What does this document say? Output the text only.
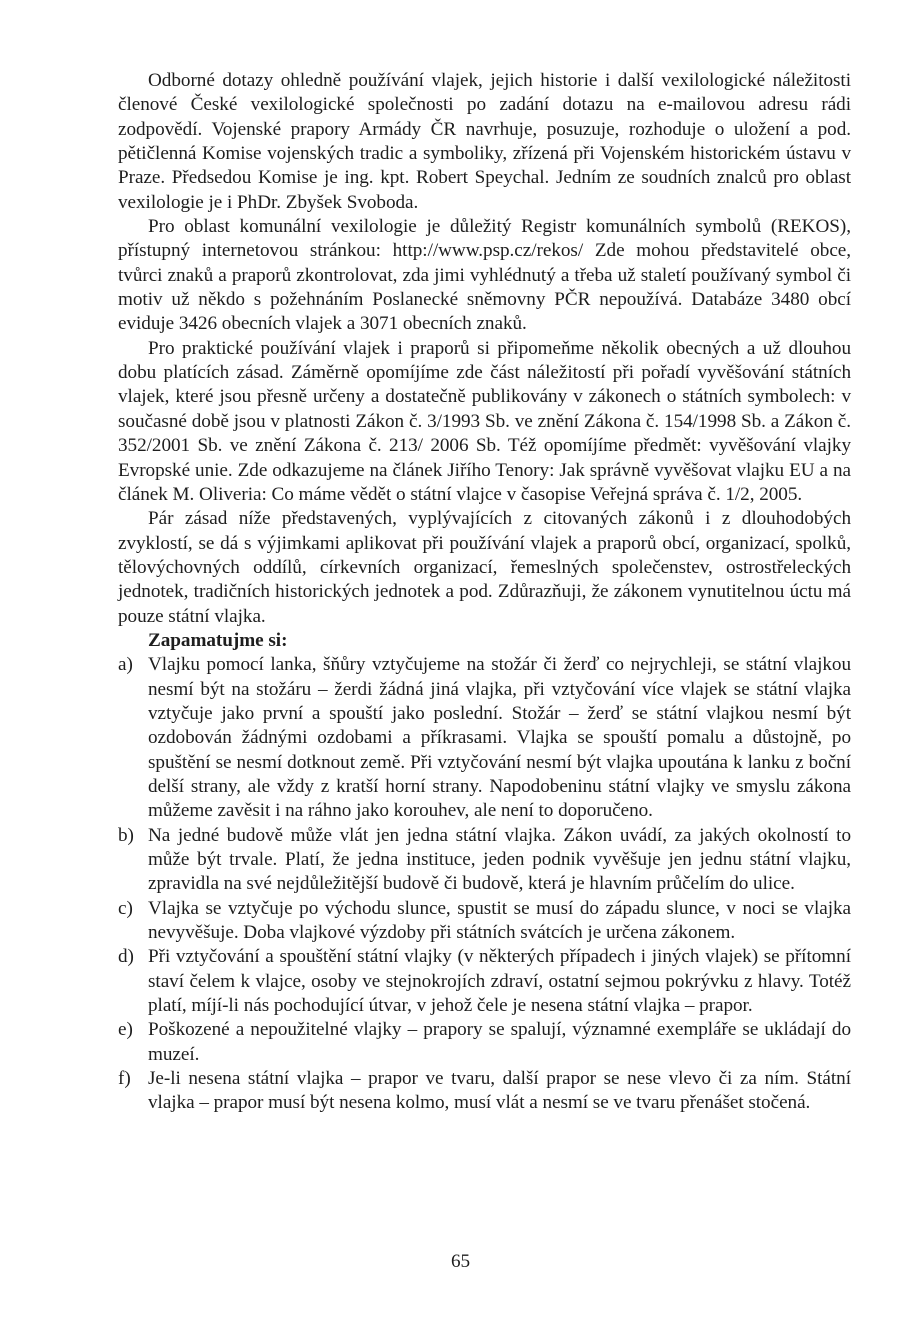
Odborné dotazy ohledně používání vlajek, jejich historie i další vexilologické náležitosti členové České vexilologické společnosti po zadání dotazu na e-mailovou adresu rádi zodpovědí. Vojenské prapory Armády ČR navrhuje, posuzuje, rozhoduje o uložení a pod. pětičlenná Komise vojenských tradic a symboliky, zřízená při Vojenském historickém ústavu v Praze. Předsedou Komise je ing. kpt. Robert Speychal. Jedním ze soudních znalců pro oblast vexilologie je i PhDr. Zbyšek Svoboda.

Pro oblast komunální vexilologie je důležitý Registr komunálních symbolů (REKOS), přístupný internetovou stránkou: http://www.psp.cz/rekos/ Zde mohou představitelé obce, tvůrci znaků a praporů zkontrolovat, zda jimi vyhlédnutý a třeba už staletí používaný symbol či motiv už někdo s požehnáním Poslanecké sněmovny PČR nepoužívá. Databáze 3480 obcí eviduje 3426 obecních vlajek a 3071 obecních znaků.

Pro praktické používání vlajek i praporů si připomeňme několik obecných a už dlouhou dobu platících zásad. Záměrně opomíjíme zde část náležitostí při pořadí vyvěšování státních vlajek, které jsou přesně určeny a dostatečně publikovány v zákonech o státních symbolech: v současné době jsou v platnosti Zákon č. 3/1993 Sb. ve znění Zákona č. 154/1998 Sb. a Zákon č. 352/2001 Sb. ve znění Zákona č. 213/ 2006 Sb. Též opomíjíme předmět: vyvěšování vlajky Evropské unie. Zde odkazujeme na článek Jiřího Tenory: Jak správně vyvěšovat vlajku EU a na článek M. Oliveria: Co máme vědět o státní vlajce v časopise Veřejná správa č. 1/2, 2005.

Pár zásad níže představených, vyplývajících z citovaných zákonů i z dlouhodobých zvyklostí, se dá s výjimkami aplikovat při používání vlajek a praporů obcí, organizací, spolků, tělovýchovných oddílů, církevních organizací, řemeslných společenstev, ostrostřeleckých jednotek, tradičních historických jednotek a pod. Zdůrazňuji, že zákonem vynutitelnou úctu má pouze státní vlajka.

Zapamatujme si:

a) Vlajku pomocí lanka, šňůry vztyčujeme na stožár či žerď co nejrychleji, se státní vlajkou nesmí být na stožáru – žerdi žádná jiná vlajka, při vztyčování více vlajek se státní vlajka vztyčuje jako první a spouští jako poslední. Stožár – žerď se státní vlajkou nesmí být ozdobován žádnými ozdobami a příkrasami. Vlajka se spouští pomalu a důstojně, po spuštění se nesmí dotknout země. Při vztyčování nesmí být vlajka upoutána k lanku z boční delší strany, ale vždy z kratší horní strany. Napodobeninu státní vlajky ve smyslu zákona můžeme zavěsit i na ráhno jako korouhev, ale není to doporučeno.
b) Na jedné budově může vlát jen jedna státní vlajka. Zákon uvádí, za jakých okolností to může být trvale. Platí, že jedna instituce, jeden podnik vyvěšuje jen jednu státní vlajku, zpravidla na své nejdůležitější budově či budově, která je hlavním průčelím do ulice.
c) Vlajka se vztyčuje po východu slunce, spustit se musí do západu slunce, v noci se vlajka nevyvěšuje. Doba vlajkové výzdoby při státních svátcích je určena zákonem.
d) Při vztyčování a spouštění státní vlajky (v některých případech i jiných vlajek) se přítomní staví čelem k vlajce, osoby ve stejnokrojích zdraví, ostatní sejmou pokrývku z hlavy. Totéž platí, míjí-li nás pochodující útvar, v jehož čele je nesena státní vlajka – prapor.
e) Poškozené a nepoužitelné vlajky – prapory se spalují, významné exempláře se ukládají do muzeí.
f) Je-li nesena státní vlajka – prapor ve tvaru, další prapor se nese vlevo či za ním. Státní vlajka – prapor musí být nesena kolmo, musí vlát a nesmí se ve tvaru přenášet stočená.
65
